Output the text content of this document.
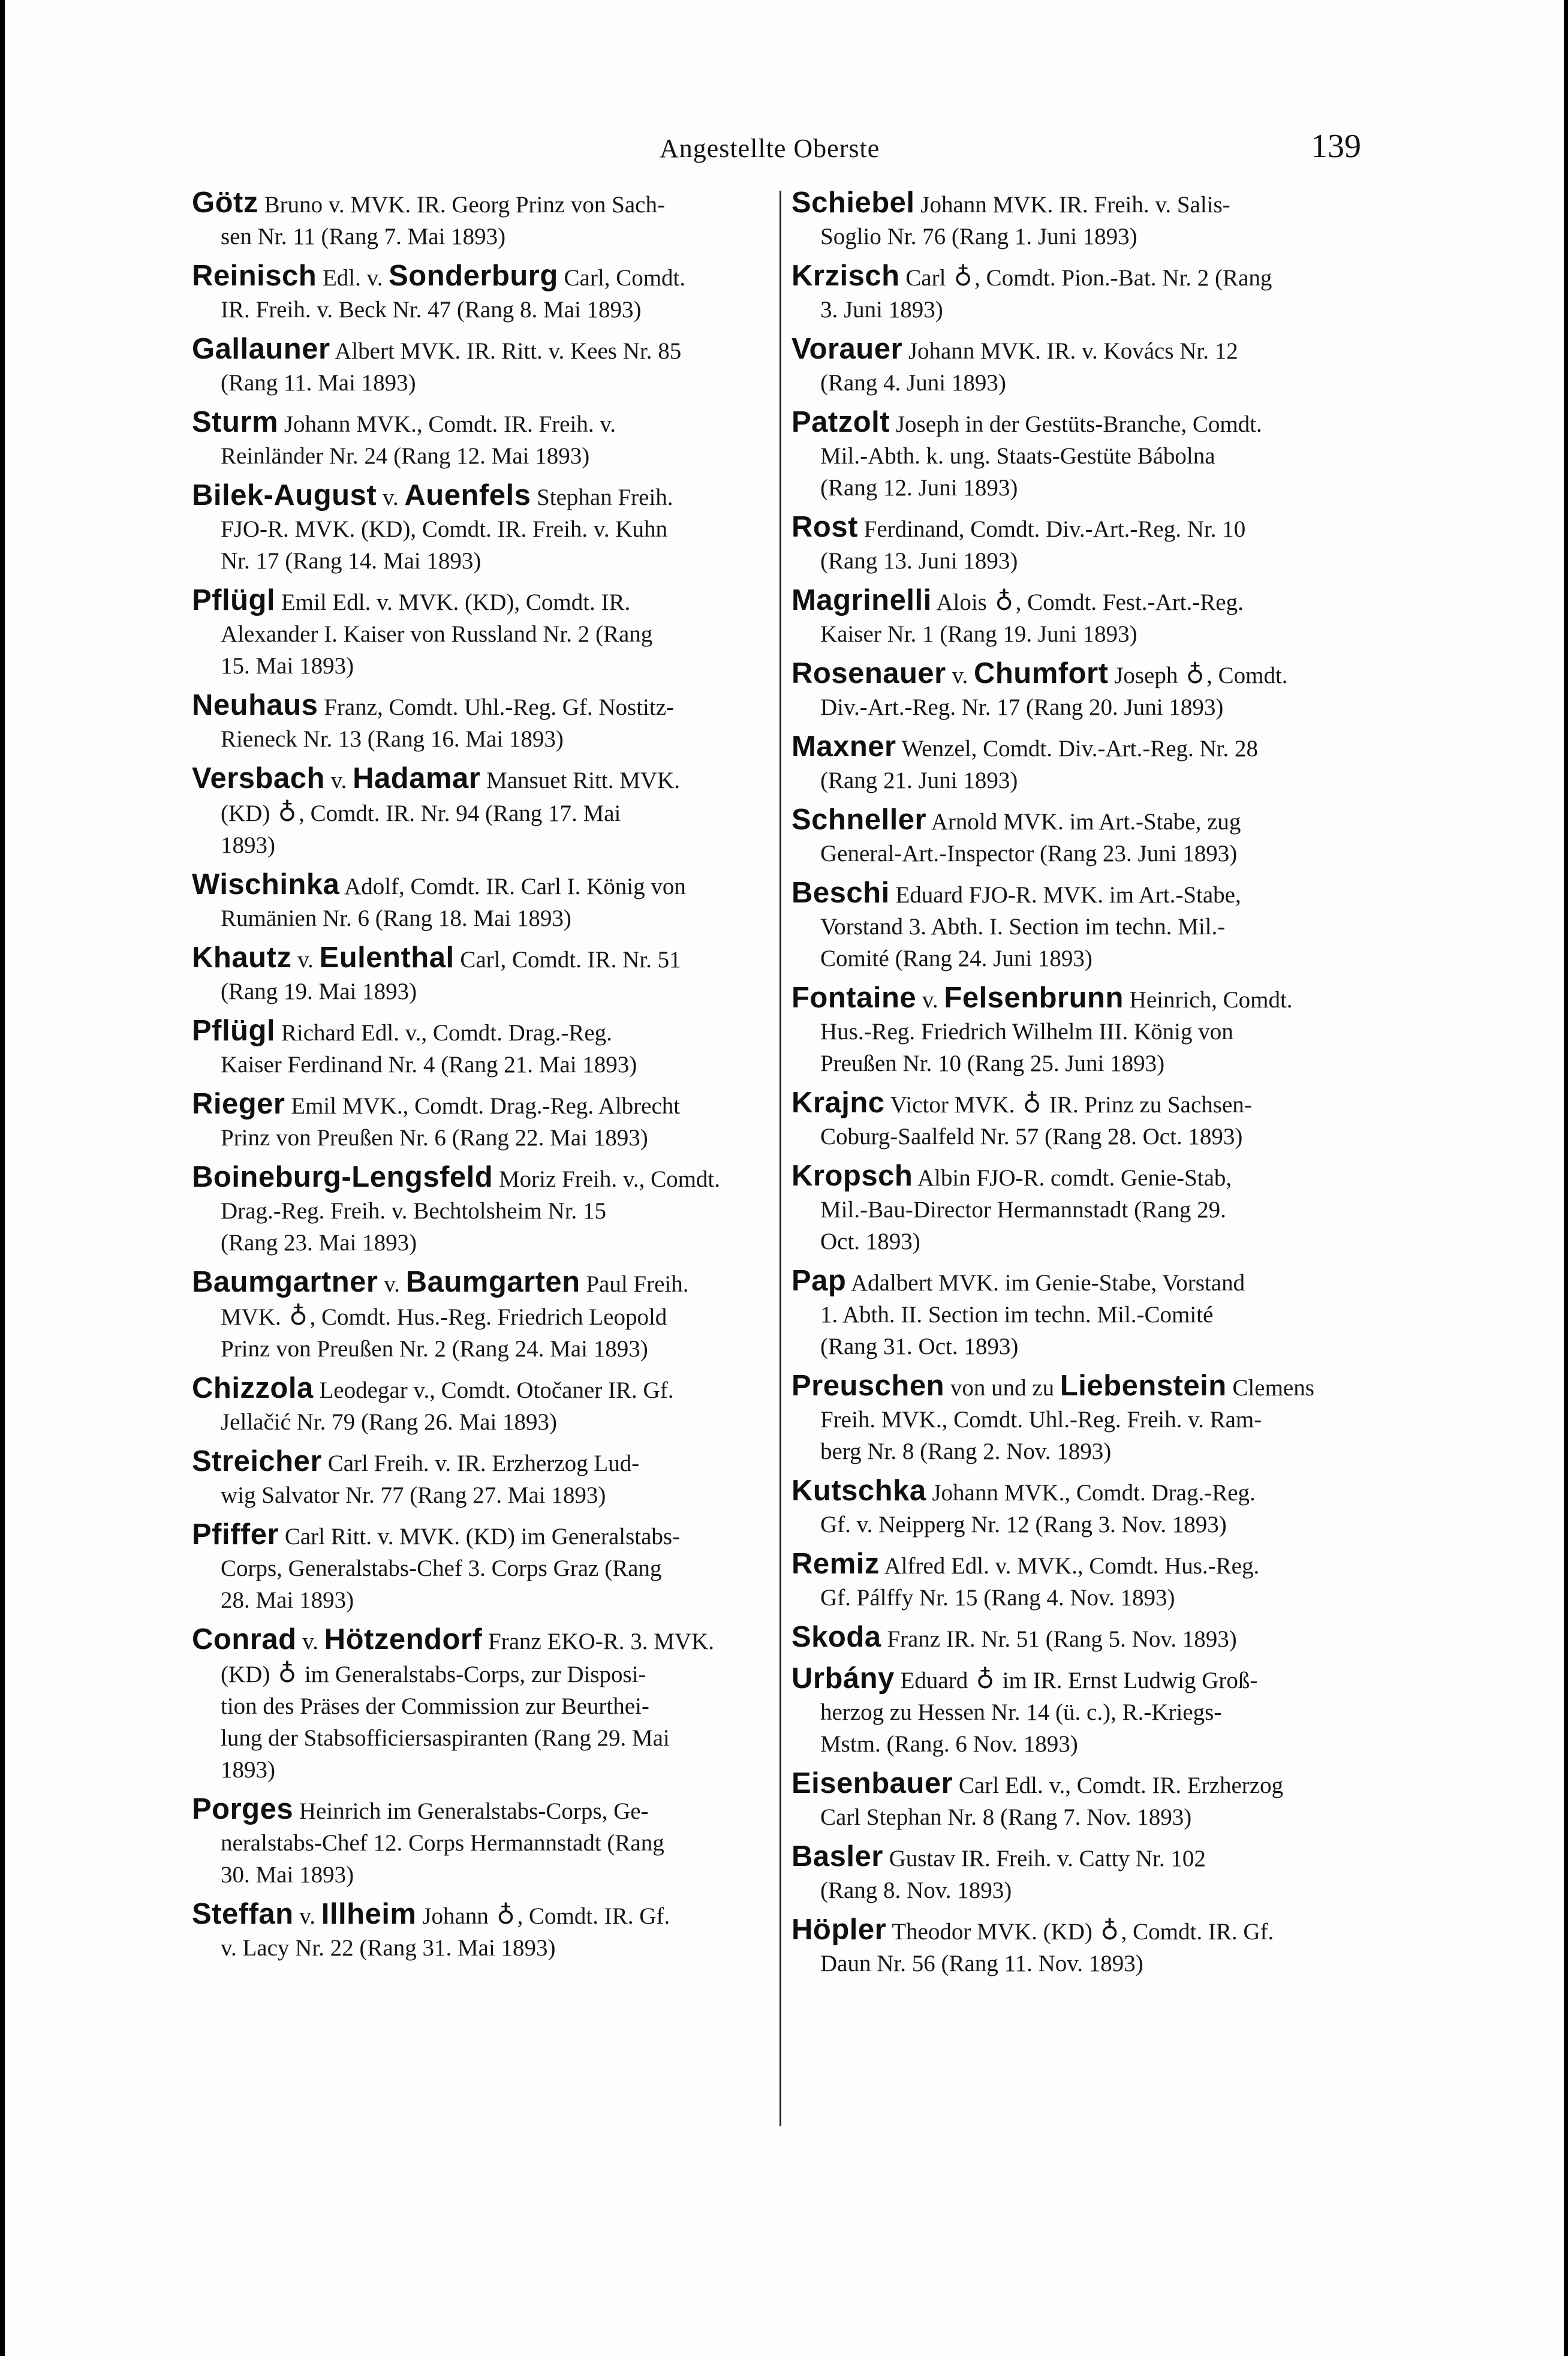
Angestellte Oberste	139
Götz Bruno v. MVK. IR. Georg Prinz von Sach-
sen Nr. 11 (Rang 7. Mai 1893)
Reinisch Edl. v. Sonderburg Carl, Comdt.
IR. Freih. v. Beck Nr. 47 (Rang 8. Mai 1893)
Gallauner Albert MVK. IR. Ritt. v. Kees Nr. 85
(Rang 11. Mai 1893)
Sturm Johann MVK., Comdt. IR. Freih. v.
Reinländer Nr. 24 (Rang 12. Mai 1893)
Bilek-August v. Auenfels Stephan Freih.
FJO-R. MVK. (KD), Comdt. IR. Freih. v. Kuhn
Nr. 17 (Rang 14. Mai 1893)
Pflügl Emil Edl. v. MVK. (KD), Comdt. IR.
Alexander I. Kaiser von Russland Nr. 2 (Rang
15. Mai 1893)
Neuhaus Franz, Comdt. Uhl.-Reg. Gf. Nostitz-
Rieneck Nr. 13 (Rang 16. Mai 1893)
Versbach v. Hadamar Mansuet Ritt. MVK.
(KD) ♁, Comdt. IR. Nr. 94 (Rang 17. Mai
1893)
Wischinka Adolf, Comdt. IR. Carl I. König von
Rumänien Nr. 6 (Rang 18. Mai 1893)
Khautz v. Eulenthal Carl, Comdt. IR. Nr. 51
(Rang 19. Mai 1893)
Pflügl Richard Edl. v., Comdt. Drag.-Reg.
Kaiser Ferdinand Nr. 4 (Rang 21. Mai 1893)
Rieger Emil MVK., Comdt. Drag.-Reg. Albrecht
Prinz von Preußen Nr. 6 (Rang 22. Mai 1893)
Boineburg-Lengsfeld Moriz Freih. v., Comdt.
Drag.-Reg. Freih. v. Bechtolsheim Nr. 15
(Rang 23. Mai 1893)
Baumgartner v. Baumgarten Paul Freih.
MVK. ♁, Comdt. Hus.-Reg. Friedrich Leopold
Prinz von Preußen Nr. 2 (Rang 24. Mai 1893)
Chizzola Leodegar v., Comdt. Otočaner IR. Gf.
Jellačić Nr. 79 (Rang 26. Mai 1893)
Streicher Carl Freih. v. IR. Erzherzog Lud-
wig Salvator Nr. 77 (Rang 27. Mai 1893)
Pfiffer Carl Ritt. v. MVK. (KD) im Generalstabs-
Corps, Generalstabs-Chef 3. Corps Graz (Rang
28. Mai 1893)
Conrad v. Hötzendorf Franz EKO-R. 3. MVK.
(KD) ♁ im Generalstabs-Corps, zur Disposi-
tion des Präses der Commission zur Beurthei-
lung der Stabsofficiersaspiranten (Rang 29. Mai
1893)
Porges Heinrich im Generalstabs-Corps, Ge-
neralstabs-Chef 12. Corps Hermannstadt (Rang
30. Mai 1893)
Steffan v. Illheim Johann ♁, Comdt. IR. Gf.
v. Lacy Nr. 22 (Rang 31. Mai 1893)
Schiebel Johann MVK. IR. Freih. v. Salis-
Soglio Nr. 76 (Rang 1. Juni 1893)
Krzisch Carl ♁, Comdt. Pion.-Bat. Nr. 2 (Rang
3. Juni 1893)
Vorauer Johann MVK. IR. v. Kovács Nr. 12
(Rang 4. Juni 1893)
Patzolt Joseph in der Gestüts-Branche, Comdt.
Mil.-Abth. k. ung. Staats-Gestüte Bábolna
(Rang 12. Juni 1893)
Rost Ferdinand, Comdt. Div.-Art.-Reg. Nr. 10
(Rang 13. Juni 1893)
Magrinelli Alois ♁, Comdt. Fest.-Art.-Reg.
Kaiser Nr. 1 (Rang 19. Juni 1893)
Rosenauer v. Chumfort Joseph ♁, Comdt.
Div.-Art.-Reg. Nr. 17 (Rang 20. Juni 1893)
Maxner Wenzel, Comdt. Div.-Art.-Reg. Nr. 28
(Rang 21. Juni 1893)
Schneller Arnold MVK. im Art.-Stabe, zug
General-Art.-Inspector (Rang 23. Juni 1893)
Beschi Eduard FJO-R. MVK. im Art.-Stabe,
Vorstand 3. Abth. I. Section im techn. Mil.-
Comité (Rang 24. Juni 1893)
Fontaine v. Felsenbrunn Heinrich, Comdt.
Hus.-Reg. Friedrich Wilhelm III. König von
Preußen Nr. 10 (Rang 25. Juni 1893)
Krajnc Victor MVK. ♁ IR. Prinz zu Sachsen-
Coburg-Saalfeld Nr. 57 (Rang 28. Oct. 1893)
Kropsch Albin FJO-R. comdt. Genie-Stab,
Mil.-Bau-Director Hermannstadt (Rang 29.
Oct. 1893)
Pap Adalbert MVK. im Genie-Stabe, Vorstand
1. Abth. II. Section im techn. Mil.-Comité
(Rang 31. Oct. 1893)
Preuschen von und zu Liebenstein Clemens
Freih. MVK., Comdt. Uhl.-Reg. Freih. v. Ram-
berg Nr. 8 (Rang 2. Nov. 1893)
Kutschka Johann MVK., Comdt. Drag.-Reg.
Gf. v. Neipperg Nr. 12 (Rang 3. Nov. 1893)
Remiz Alfred Edl. v. MVK., Comdt. Hus.-Reg.
Gf. Pálffy Nr. 15 (Rang 4. Nov. 1893)
Skoda Franz IR. Nr. 51 (Rang 5. Nov. 1893)
Urbány Eduard ♁ im IR. Ernst Ludwig Groß-
herzog zu Hessen Nr. 14 (ü. c.), R.-Kriegs-
Mstm. (Rang. 6 Nov. 1893)
Eisenbauer Carl Edl. v., Comdt. IR. Erzherzog
Carl Stephan Nr. 8 (Rang 7. Nov. 1893)
Basler Gustav IR. Freih. v. Catty Nr. 102
(Rang 8. Nov. 1893)
Höpler Theodor MVK. (KD) ♁, Comdt. IR. Gf.
Daun Nr. 56 (Rang 11. Nov. 1893)
